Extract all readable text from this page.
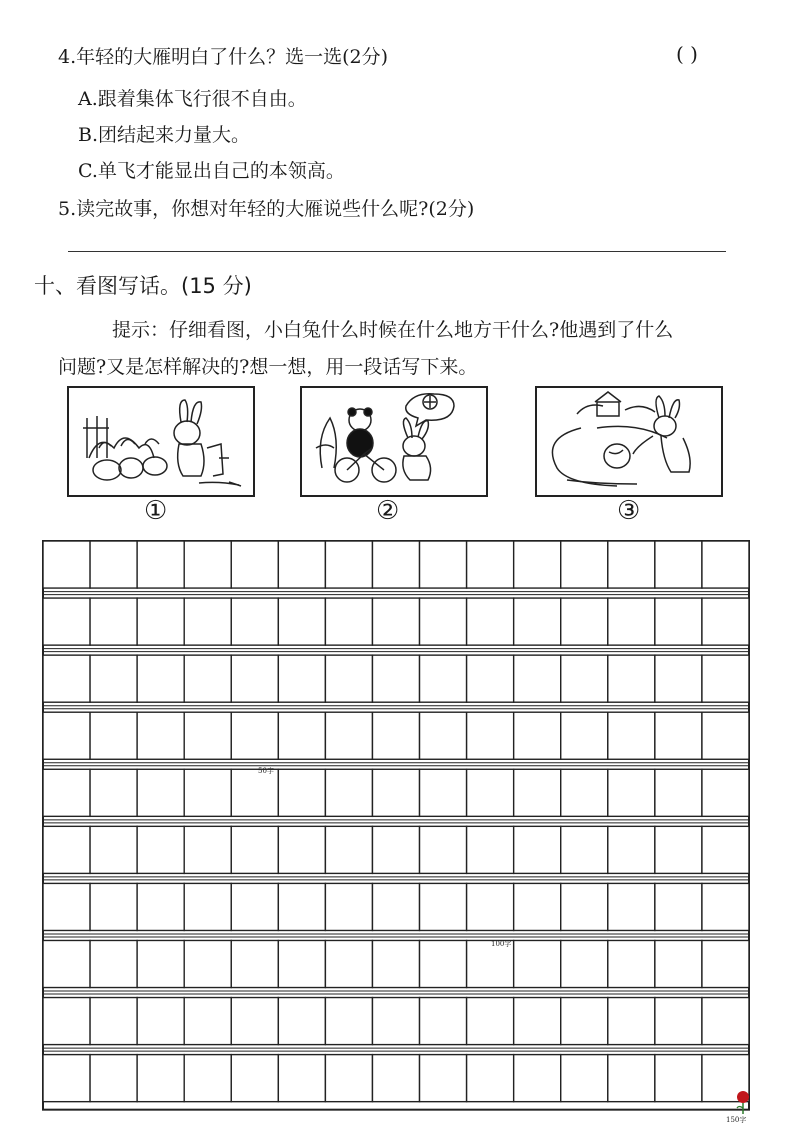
4.年轻的大雁明白了什么？选一选(2分)	( )
A.跟着集体飞行很不自由。
B.团结起来力量大。
C.单飞才能显出自己的本领高。
5.读完故事，你想对年轻的大雁说些什么呢?(2分)
十、看图写话。(15 分)
提示：仔细看图，小白兔什么时候在什么地方干什么?他遇到了什么
问题?又是怎样解决的?想一想，用一段话写下来。
①	②	③
50字
100字
150字
